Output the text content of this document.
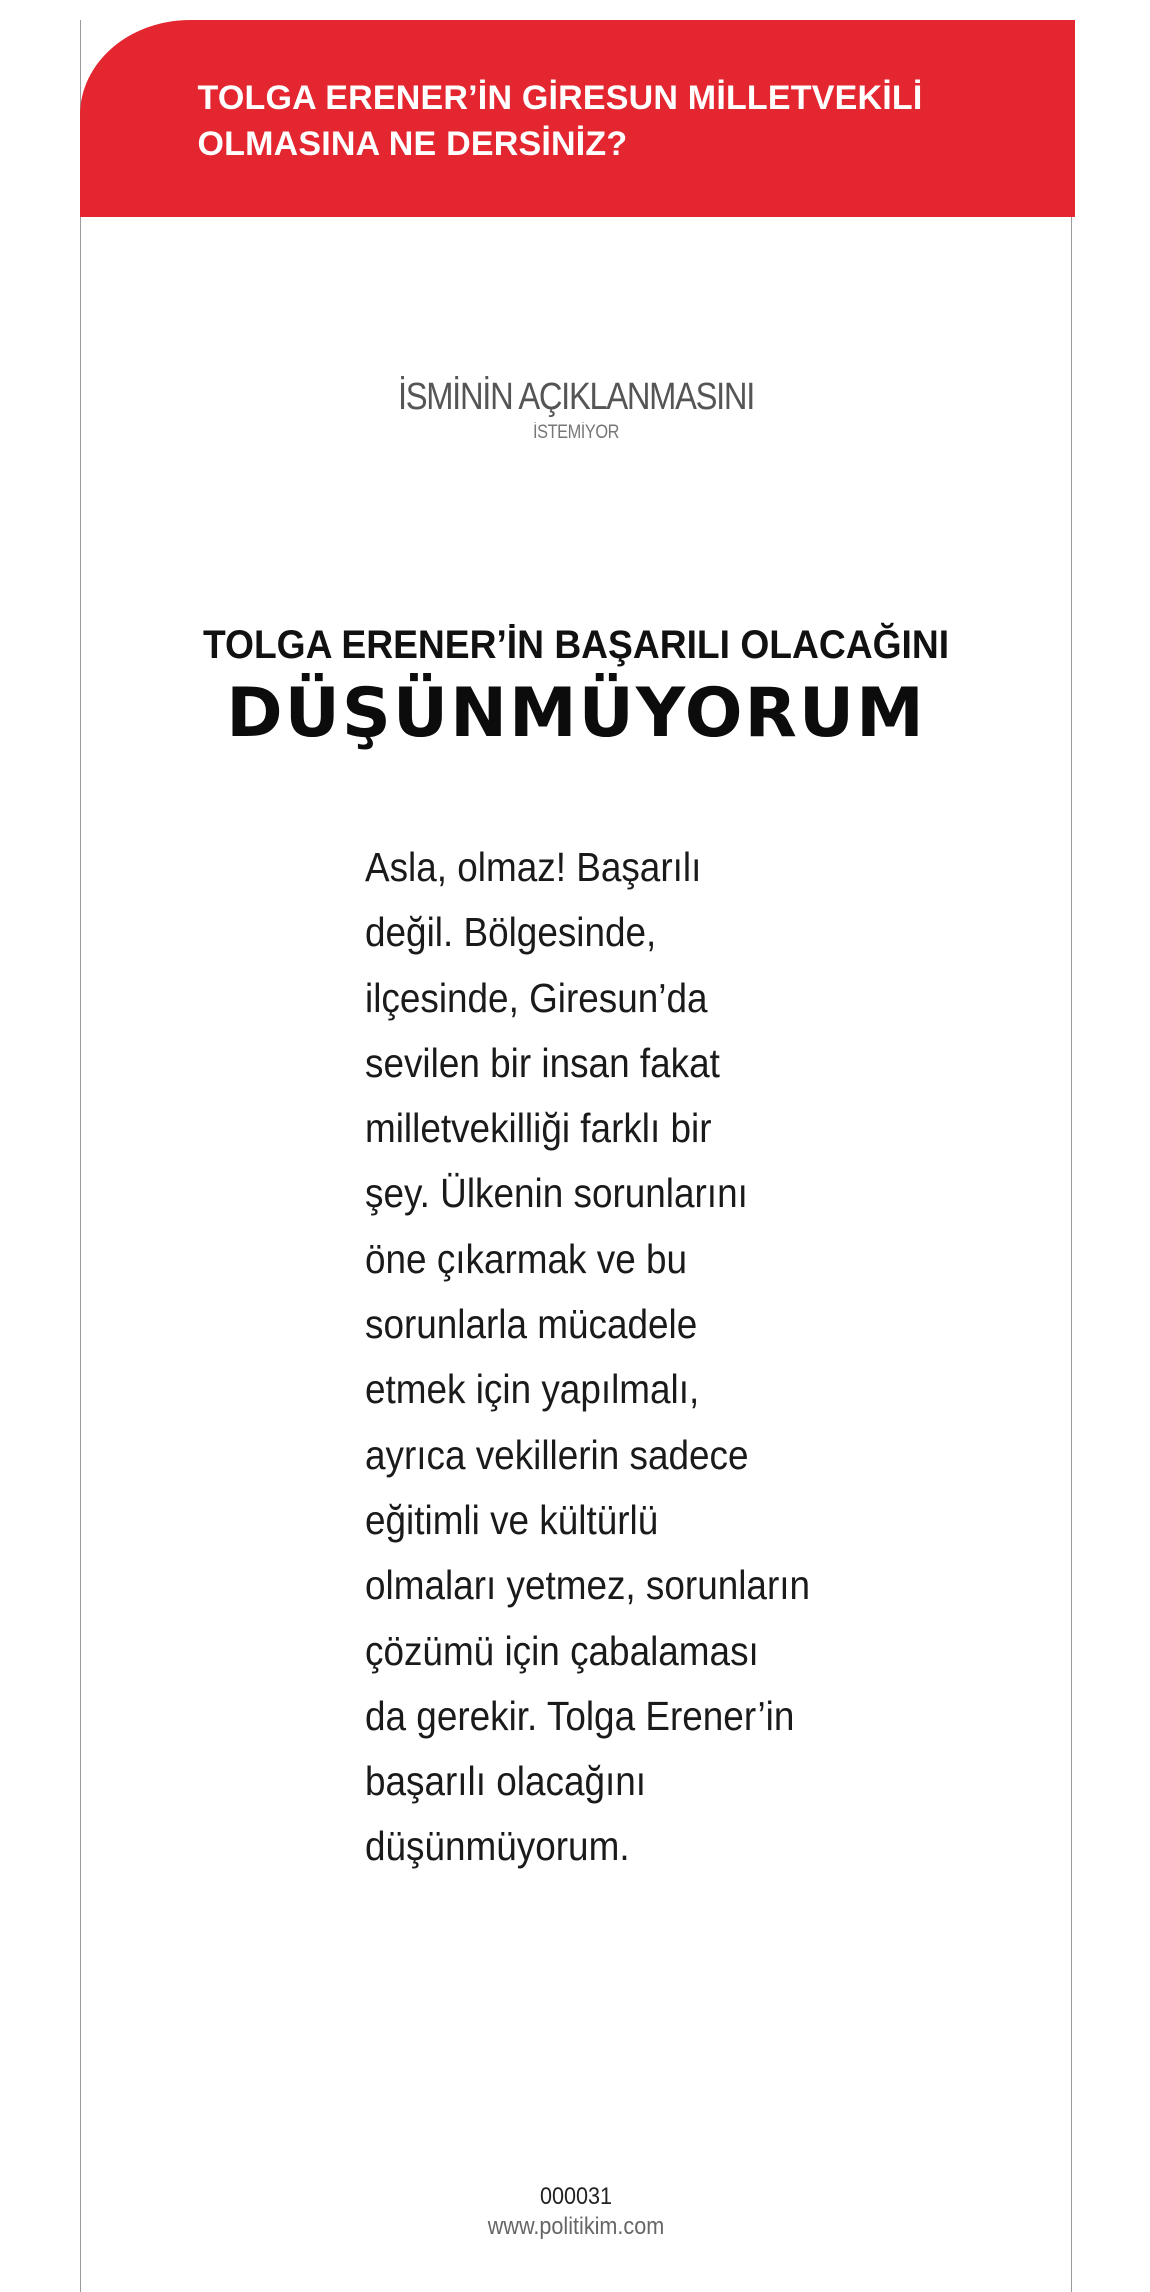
TOLGA ERENER’İN GİRESUN MİLLETVEKİLİ
OLMASINA NE DERSİNİZ?
İSMİNİN AÇIKLANMASINI
İSTEMİYOR
TOLGA ERENER’İN BAŞARILI OLACAĞINI
DÜŞÜNMÜYORUM
Asla, olmaz! Başarılı
değil. Bölgesinde,
ilçesinde, Giresun’da
sevilen bir insan fakat
milletvekilliği farklı bir
şey. Ülkenin sorunlarını
öne çıkarmak ve bu
sorunlarla mücadele
etmek için yapılmalı,
ayrıca vekillerin sadece
eğitimli ve kültürlü
olmaları yetmez, sorunların
çözümü için çabalaması
da gerekir. Tolga Erener’in
başarılı olacağını
düşünmüyorum.
000031
www.politikim.com
